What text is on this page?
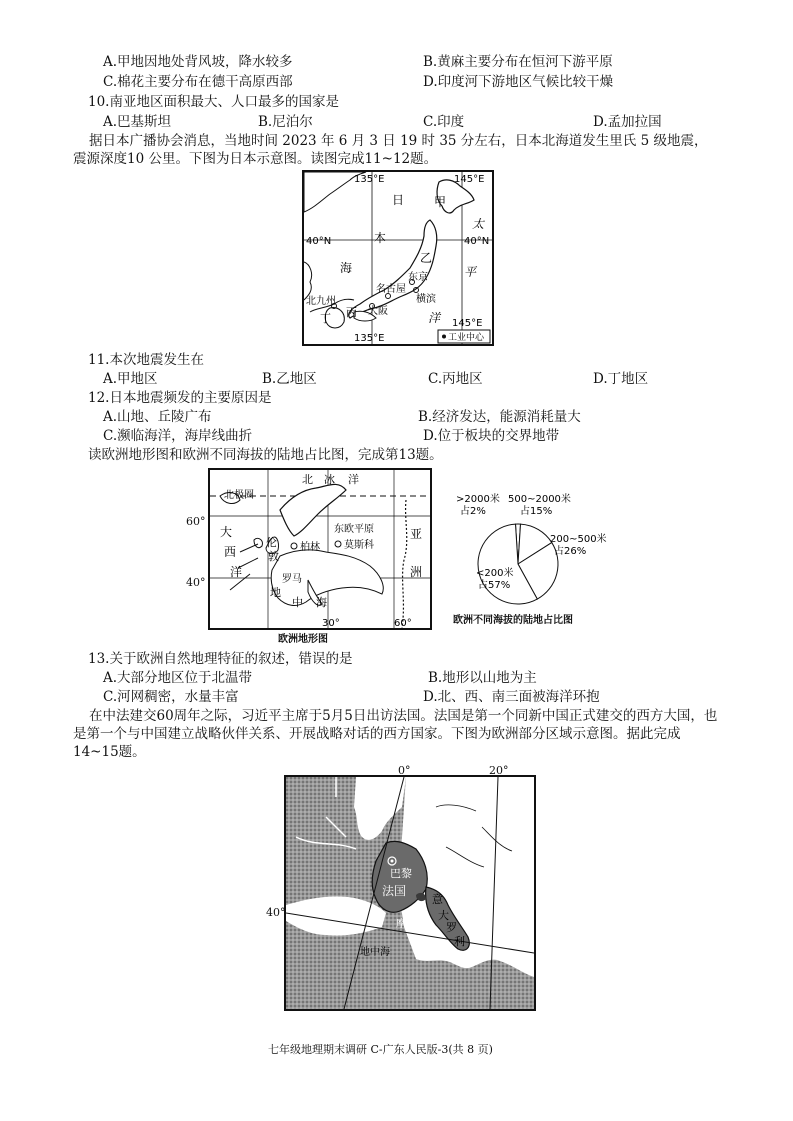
A.甲地因地处背风坡，降水较多	B.黄麻主要分布在恒河下游平原
C.棉花主要分布在德干高原西部	D.印度河下游地区气候比较干燥
10.南亚地区面积最大、人口最多的国家是
A.巴基斯坦	B.尼泊尔	C.印度	D.孟加拉国
据日本广播协会消息，当地时间 2023 年 6 月 3 日 19 时 35 分左右，日本北海道发生里氏 5 级地震，震源深度10 公里。下图为日本示意图。读图完成11~12题。
135°E	145°E
40°N	40°N
145°E
135°E
日
本
海
甲
乙
丙
丁
太
平
洋
东京
横滨
名古屋
大阪
北九州
工业中心
11.本次地震发生在
A.甲地区	B.乙地区	C.丙地区	D.丁地区
12.日本地震频发的主要原因是
A.山地、丘陵广布	B.经济发达，能源消耗量大
C.濒临海洋，海岸线曲折	D.位于板块的交界地带
读欧洲地形图和欧洲不同海拔的陆地占比图，完成第13题。
北极圈
北 冰 洋
大
西
洋
伦
敦
柏林
东欧平原
莫斯科
亚
洲
罗马
地
中 海
60°
30°
60°
40°
欧洲地形图
>2000米
占2%
500~2000米
占15%
200~500米
占26%
<200米
占57%
欧洲不同海拔的陆地占比图
13.关于欧洲自然地理特征的叙述，错误的是
A.大部分地区位于北温带	B.地形以山地为主
C.河网稠密，水量丰富	D.北、西、南三面被海洋环抱
在中法建交60周年之际，习近平主席于5月5日出访法国。法国是第一个同新中国正式建交的西方大国，也是第一个与中国建立战略伙伴关系、开展战略对话的西方国家。下图为欧洲部分区域示意图。据此完成14~15题。
巴黎
法国
意
大
罗
利
摩纳哥
地中海
0°	20°
40°
七年级地理期末调研 C-广东人民版-3(共 8 页)
